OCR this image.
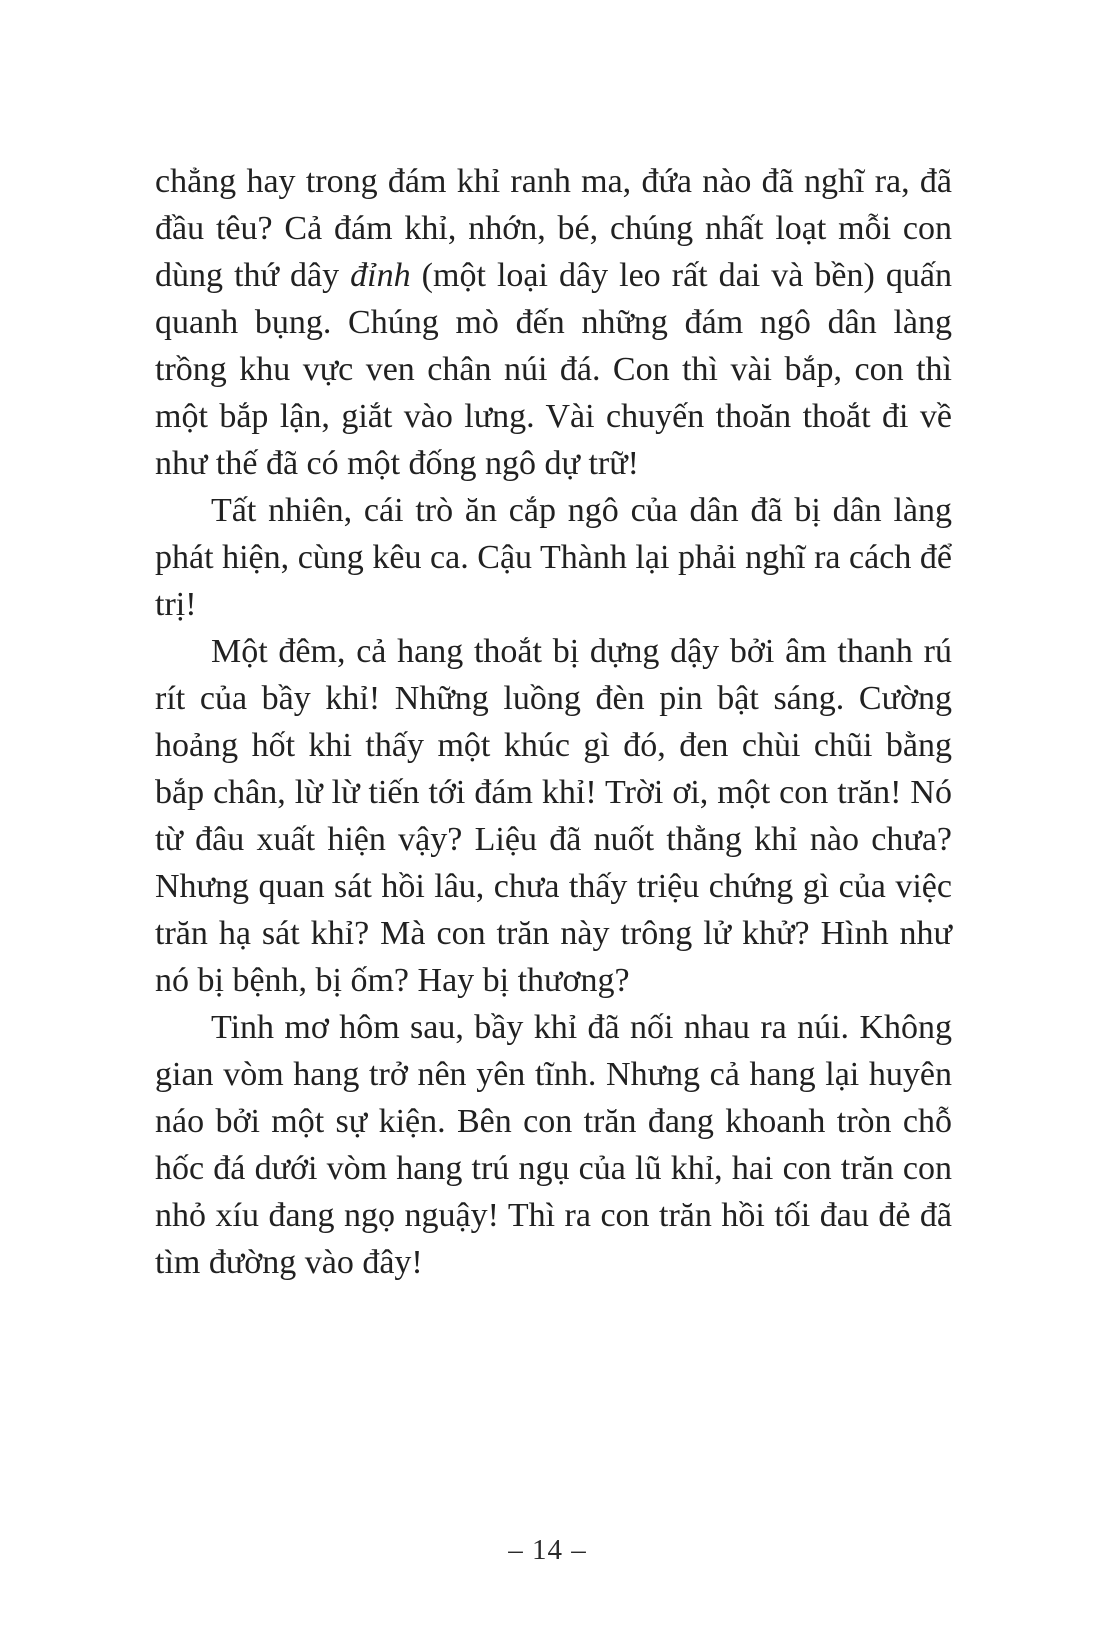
chẳng hay trong đám khỉ ranh ma, đứa nào đã nghĩ ra, đã đầu têu? Cả đám khỉ, nhớn, bé, chúng nhất loạt mỗi con dùng thứ dây đỉnh (một loại dây leo rất dai và bền) quấn quanh bụng. Chúng mò đến những đám ngô dân làng trồng khu vực ven chân núi đá. Con thì vài bắp, con thì một bắp lận, giắt vào lưng. Vài chuyến thoăn thoắt đi về như thế đã có một đống ngô dự trữ!

Tất nhiên, cái trò ăn cắp ngô của dân đã bị dân làng phát hiện, cùng kêu ca. Cậu Thành lại phải nghĩ ra cách để trị!

Một đêm, cả hang thoắt bị dựng dậy bởi âm thanh rú rít của bầy khỉ! Những luồng đèn pin bật sáng. Cường hoảng hốt khi thấy một khúc gì đó, đen chùi chũi bằng bắp chân, lừ lừ tiến tới đám khỉ! Trời ơi, một con trăn! Nó từ đâu xuất hiện vậy? Liệu đã nuốt thằng khỉ nào chưa? Nhưng quan sát hồi lâu, chưa thấy triệu chứng gì của việc trăn hạ sát khỉ? Mà con trăn này trông lử khử? Hình như nó bị bệnh, bị ốm? Hay bị thương?

Tinh mơ hôm sau, bầy khỉ đã nối nhau ra núi. Không gian vòm hang trở nên yên tĩnh. Nhưng cả hang lại huyên náo bởi một sự kiện. Bên con trăn đang khoanh tròn chỗ hốc đá dưới vòm hang trú ngụ của lũ khỉ, hai con trăn con nhỏ xíu đang ngọ nguậy! Thì ra con trăn hồi tối đau đẻ đã tìm đường vào đây!

– 14 –
